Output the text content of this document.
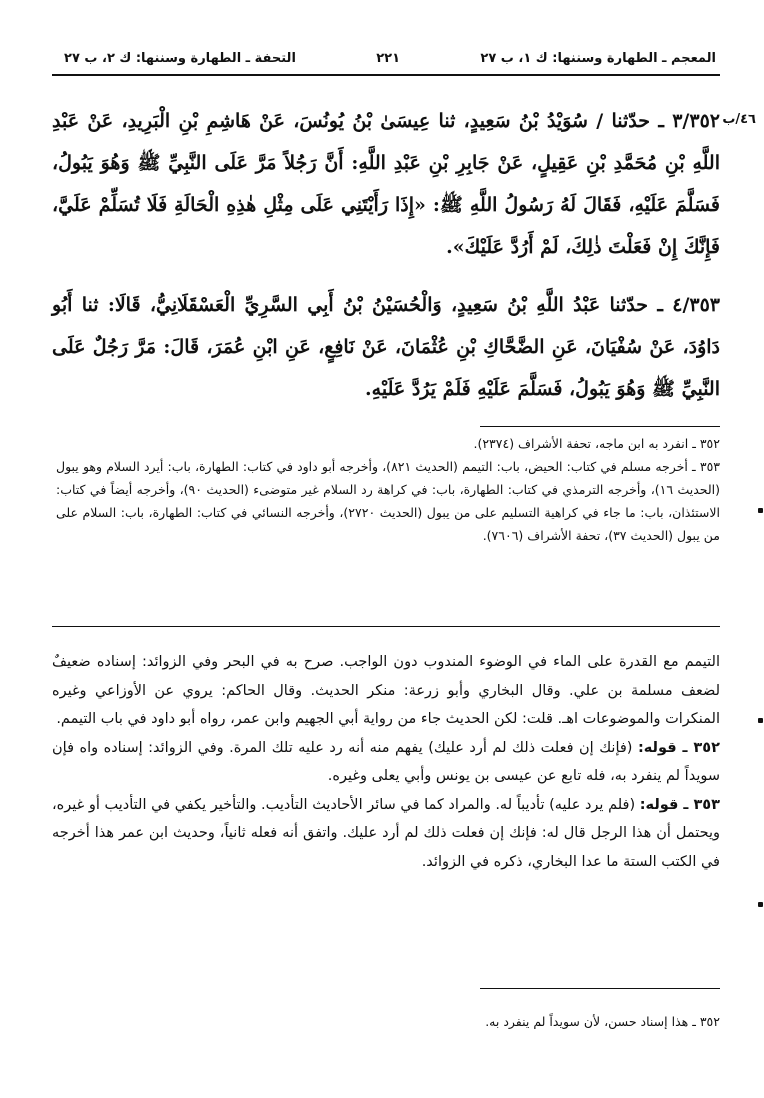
المعجم ـ الطهارة وسننها: ك ١، ب ٢٧
٢٢١
التحفة ـ الطهارة وسننها: ك ٢، ب ٢٧
٤٦/ب
٣/٣٥٢ ـ حدّثنا / سُوَيْدُ بْنُ سَعِيدٍ، ثنا عِيسَىٰ بْنُ يُونُسَ، عَنْ هَاشِمِ بْنِ الْبَرِيدِ، عَنْ عَبْدِ اللَّهِ بْنِ مُحَمَّدِ بْنِ عَقِيلٍ، عَنْ جَابِرِ بْنِ عَبْدِ اللَّهِ: أَنَّ رَجُلاً مَرَّ عَلَى النَّبِيِّ ﷺ وَهُوَ يَبُولُ، فَسَلَّمَ عَلَيْهِ، فَقَالَ لَهُ رَسُولُ اللَّهِ ﷺ: «إِذَا رَأَيْتَنِي عَلَى مِثْلِ هٰذِهِ الْحَالَةِ فَلَا تُسَلِّمْ عَلَيَّ، فَإِنَّكَ إِنْ فَعَلْتَ ذٰلِكَ، لَمْ أَرُدَّ عَلَيْكَ».
٤/٣٥٣ ـ حدّثنا عَبْدُ اللَّهِ بْنُ سَعِيدٍ، وَالْحُسَيْنُ بْنُ أَبِي السَّرِيِّ الْعَسْقَلَانِيُّ، قَالَا: ثنا أَبُو دَاوُدَ، عَنْ سُفْيَانَ، عَنِ الضَّحَّاكِ بْنِ عُثْمَانَ، عَنْ نَافِعٍ، عَنِ ابْنِ عُمَرَ، قَالَ: مَرَّ رَجُلٌ عَلَى النَّبِيِّ ﷺ وَهُوَ يَبُولُ، فَسَلَّمَ عَلَيْهِ فَلَمْ يَرُدَّ عَلَيْهِ.
٣٥٢ ـ انفرد به ابن ماجه، تحفة الأشراف (٢٣٧٤).
٣٥٣ ـ أخرجه مسلم في كتاب: الحيض، باب: التيمم (الحديث ٨٢١)، وأخرجه أبو داود في كتاب: الطهارة، باب: أيرد السلام وهو يبول (الحديث ١٦)، وأخرجه الترمذي في كتاب: الطهارة، باب: في كراهة رد السلام غير متوضىء (الحديث ٩٠)، وأخرجه أيضاً في كتاب: الاستئذان، باب: ما جاء في كراهية التسليم على من يبول (الحديث ٢٧٢٠)، وأخرجه النسائي في كتاب: الطهارة، باب: السلام على من يبول (الحديث ٣٧)، تحفة الأشراف (٧٦٠٦).

التيمم مع القدرة على الماء في الوضوء المندوب دون الواجب. صرح به في البحر وفي الزوائد: إسناده ضعيفٌ لضعف مسلمة بن علي. وقال البخاري وأبو زرعة: منكر الحديث. وقال الحاكم: يروي عن الأوزاعي وغيره المنكرات والموضوعات اهـ. قلت: لكن الحديث جاء من رواية أبي الجهيم وابن عمر، رواه أبو داود في باب التيمم.

٣٥٢ ـ قوله: (فإنك إن فعلت ذلك لم أرد عليك) يفهم منه أنه رد عليه تلك المرة. وفي الزوائد: إسناده واه فإن سويداً لم ينفرد به، فله تابع عن عيسى بن يونس وأبي يعلى وغيره.

٣٥٣ ـ قوله: (فلم يرد عليه) تأديباً له. والمراد كما في سائر الأحاديث التأديب. والتأخير يكفي في التأديب أو غيره، ويحتمل أن هذا الرجل قال له: فإنك إن فعلت ذلك لم أرد عليك. واتفق أنه فعله ثانياً، وحديث ابن عمر هذا أخرجه في الكتب الستة ما عدا البخاري، ذكره في الزوائد.

٣٥٢ ـ هذا إسناد حسن، لأن سويداً لم ينفرد به.
